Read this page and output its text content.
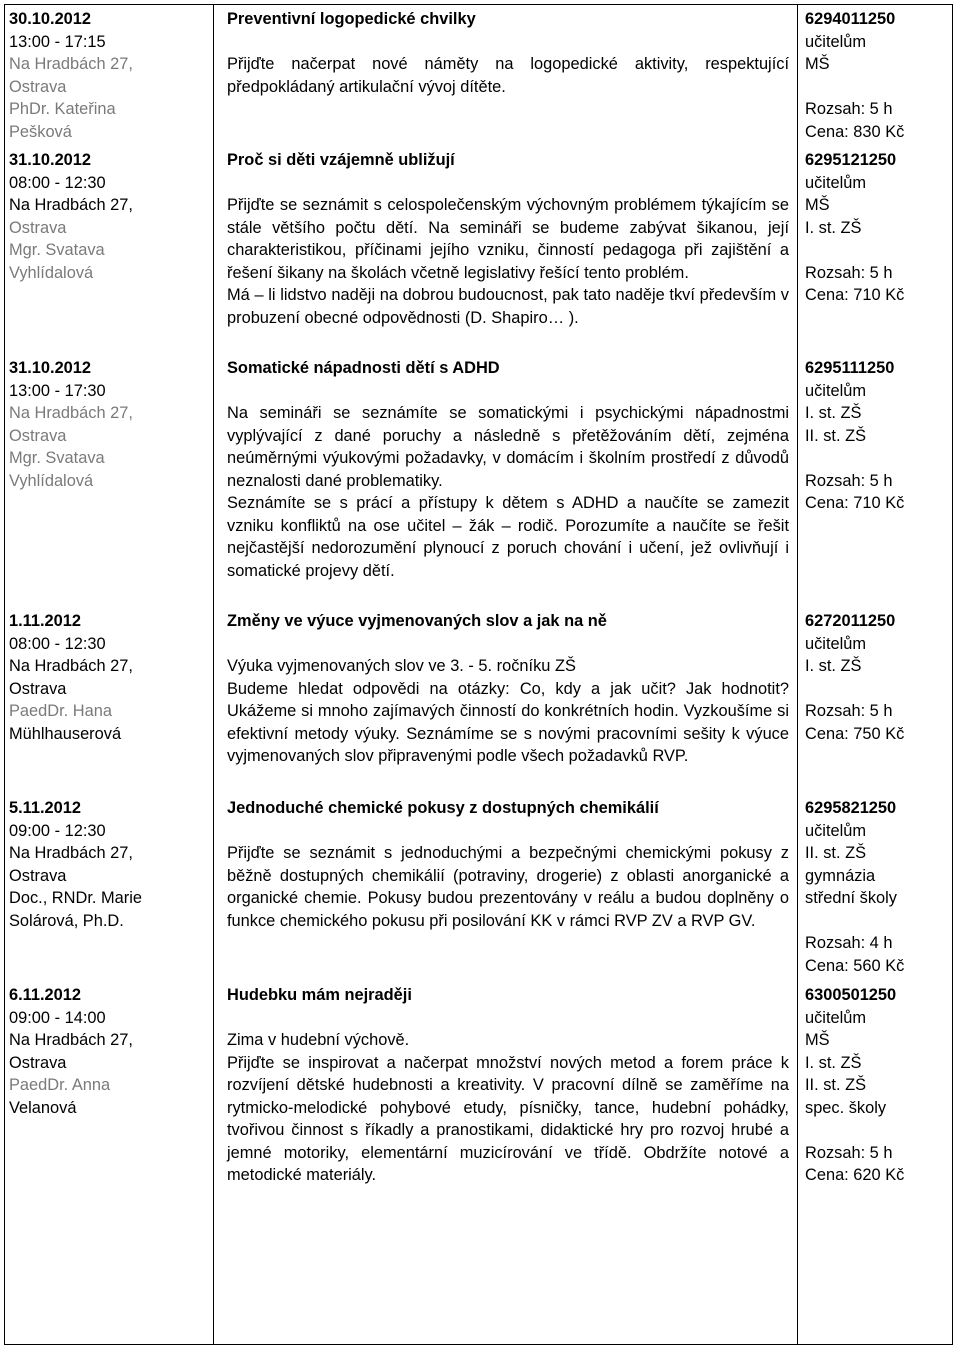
30.10.2012
13:00 - 17:15
Na Hradbách 27,
Ostrava
PhDr. Kateřina
Pešková
Preventivní logopedické chvilky

Přijďte načerpat nové náměty na logopedické aktivity, respektující předpokládaný artikulační vývoj dítěte.

6294011250
učitelům
MŠ
Rozsah: 5 h
Cena: 830 Kč
31.10.2012
08:00 - 12:30
Na Hradbách 27,
Ostrava
Mgr. Svatava
Vyhlídalová
Proč si děti vzájemně ubližují

Přijďte se seznámit s celospolečenským výchovným problémem týkajícím se stále většího počtu dětí. Na semináři se budeme zabývat šikanou, její charakteristikou, příčinami jejího vzniku, činností pedagoga při zajištění a řešení šikany na školách včetně legislativy řešící tento problém.

Má – li lidstvo naději na dobrou budoucnost, pak tato naděje tkví především v probuzení obecné odpovědnosti (D. Shapiro… ).

6295121250
učitelům
MŠ
I. st. ZŠ
Rozsah: 5 h
Cena: 710 Kč
31.10.2012
13:00 - 17:30
Na Hradbách 27,
Ostrava
Mgr. Svatava
Vyhlídalová
Somatické nápadnosti dětí s ADHD

Na semináři se seznámíte se somatickými i psychickými nápadnostmi vyplývající z dané poruchy a následně s přetěžováním dětí, zejména neúměrnými výukovými požadavky, v domácím i školním prostředí z důvodů neznalosti dané problematiky.

Seznámíte se s prácí a přístupy k dětem s ADHD a naučíte se zamezit vzniku konfliktů na ose učitel – žák – rodič. Porozumíte a naučíte se řešit nejčastější nedorozumění plynoucí z poruch chování i učení, jež ovlivňují i somatické projevy dětí.

6295111250
učitelům
I. st. ZŠ
II. st. ZŠ
Rozsah: 5 h
Cena: 710 Kč
1.11.2012
08:00 - 12:30
Na Hradbách 27,
Ostrava
PaedDr. Hana
Mühlhauserová
Změny ve výuce vyjmenovaných slov a jak na ně

Výuka vyjmenovaných slov ve 3. - 5. ročníku ZŠ

Budeme hledat odpovědi na otázky: Co, kdy a jak učit? Jak hodnotit? Ukážeme si mnoho zajímavých činností do konkrétních hodin. Vyzkoušíme si efektivní metody výuky. Seznámíme se s novými pracovními sešity k výuce vyjmenovaných slov připravenými podle všech požadavků RVP.

6272011250
učitelům
I. st. ZŠ
Rozsah: 5 h
Cena: 750 Kč
5.11.2012
09:00 - 12:30
Na Hradbách 27,
Ostrava
Doc., RNDr. Marie
Solárová, Ph.D.
Jednoduché chemické pokusy z dostupných chemikálií

Přijďte se seznámit s jednoduchými a bezpečnými chemickými pokusy z běžně dostupných chemikálií (potraviny, drogerie) z oblasti anorganické a organické chemie. Pokusy budou prezentovány v reálu a budou doplněny o funkce chemického pokusu při posilování KK v rámci RVP ZV a RVP GV.

6295821250
učitelům
II. st. ZŠ
gymnázia
střední školy
Rozsah: 4 h
Cena: 560 Kč
6.11.2012
09:00 - 14:00
Na Hradbách 27,
Ostrava
PaedDr. Anna
Velanová
Hudebku mám nejraději

Zima v hudební výchově.

Přijďte se inspirovat a načerpat množství nových metod a forem práce k rozvíjení dětské hudebnosti a kreativity. V pracovní dílně se zaměříme na rytmicko-melodické pohybové etudy, písničky, tance, hudební pohádky, tvořivou činnost s říkadly a pranostikami, didaktické hry pro rozvoj hrubé a jemné motoriky, elementární muzicírování ve třídě. Obdržíte notové a metodické materiály.

6300501250
učitelům
MŠ
I. st. ZŠ
II. st. ZŠ
spec. školy
Rozsah: 5 h
Cena: 620 Kč
